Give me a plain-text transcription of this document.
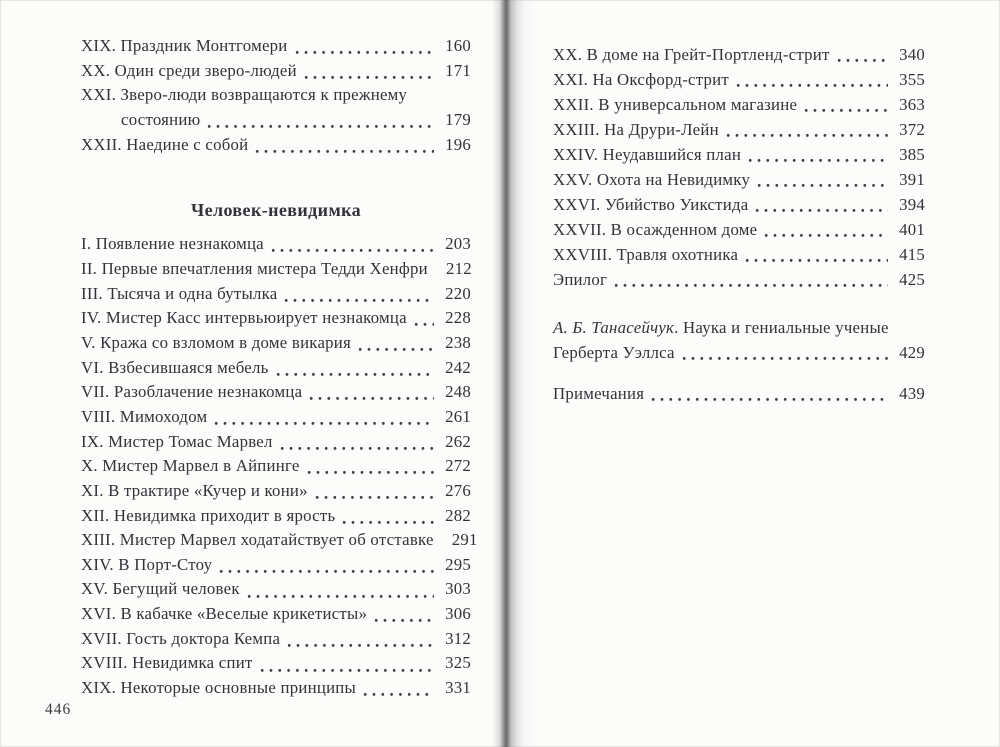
XIX. Праздник Монтгомери	160
XX. Один среди зверо-людей	171
XXI. Зверо-люди возвращаются к прежнему
состоянию	179
XXII. Наедине с собой	196
Человек-невидимка
I. Появление незнакомца	203
II. Первые впечатления мистера Тедди Хенфри	212
III. Тысяча и одна бутылка	220
IV. Мистер Касс интервьюирует незнакомца	228
V. Кража со взломом в доме викария	238
VI. Взбесившаяся мебель	242
VII. Разоблачение незнакомца	248
VIII. Мимоходом	261
IX. Мистер Томас Марвел	262
X. Мистер Марвел в Айпинге	272
XI. В трактире «Кучер и кони»	276
XII. Невидимка приходит в ярость	282
XIII. Мистер Марвел ходатайствует об отставке	291
XIV. В Порт-Стоу	295
XV. Бегущий человек	303
XVI. В кабачке «Веселые крикетисты»	306
XVII. Гость доктора Кемпа	312
XVIII. Невидимка спит	325
XIX. Некоторые основные принципы	331
446
XX. В доме на Грейт-Портленд-стрит	340
XXI. На Оксфорд-стрит	355
XXII. В универсальном магазине	363
XXIII. На Друри-Лейн	372
XXIV. Неудавшийся план	385
XXV. Охота на Невидимку	391
XXVI. Убийство Уикстида	394
XXVII. В осажденном доме	401
XXVIII. Травля охотника	415
Эпилог	425
А. Б. Танасейчук . Наука и гениальные ученые
Герберта Уэллса	429
Примечания	439
